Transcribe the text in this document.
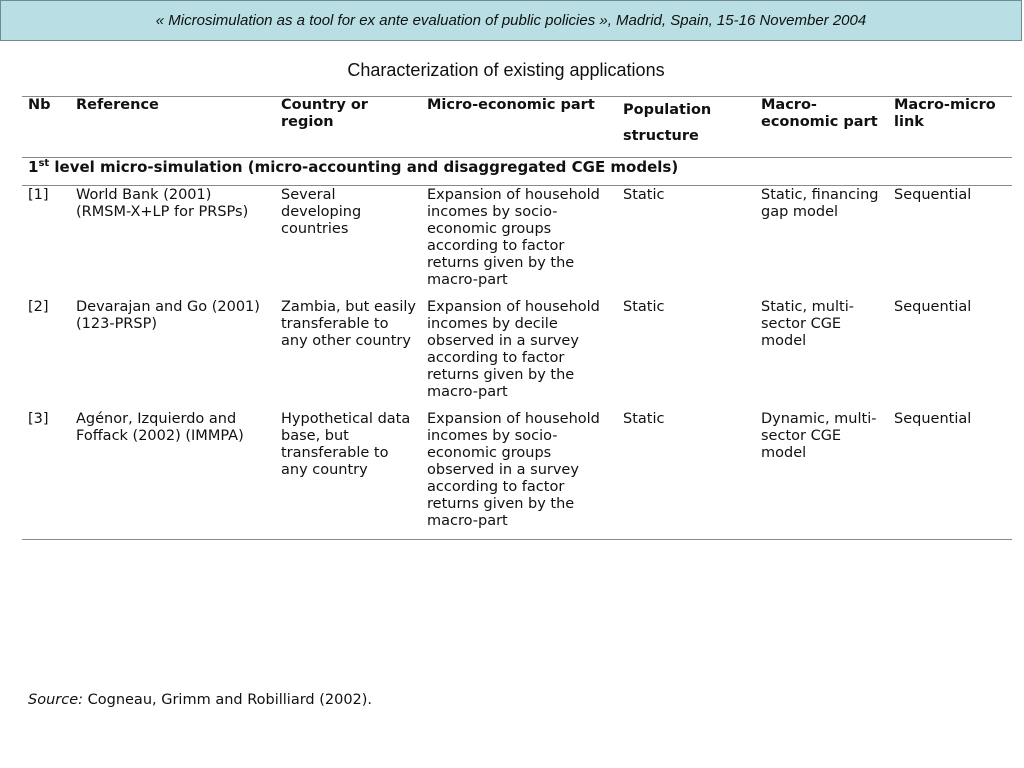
« Microsimulation as a tool for ex ante evaluation of public policies », Madrid, Spain, 15-16 November 2004
Characterization of existing applications
Nb	Reference	Country or region	Micro-economic part	Population structure	Macro-economic part	Macro-micro link
1st level micro-simulation (micro-accounting and disaggregated CGE models)						
[1]	World Bank (2001) (RMSM-X+LP for PRSPs)	Several developing countries	Expansion of household incomes by socio-economic groups according to factor returns given by the macro-part	Static	Static, financing gap model	Sequential
[2]	Devarajan and Go (2001) (123-PRSP)	Zambia, but easily transferable to any other country	Expansion of household incomes by decile observed in a survey according to factor returns given by the macro-part	Static	Static, multi-sector CGE model	Sequential
[3]	Agénor, Izquierdo and Foffack (2002) (IMMPA)	Hypothetical data base, but transferable to any country	Expansion of household incomes by socio-economic groups observed in a survey according to factor returns given by the macro-part	Static	Dynamic, multi-sector CGE model	Sequential
Source: Cogneau, Grimm and Robilliard (2002).
